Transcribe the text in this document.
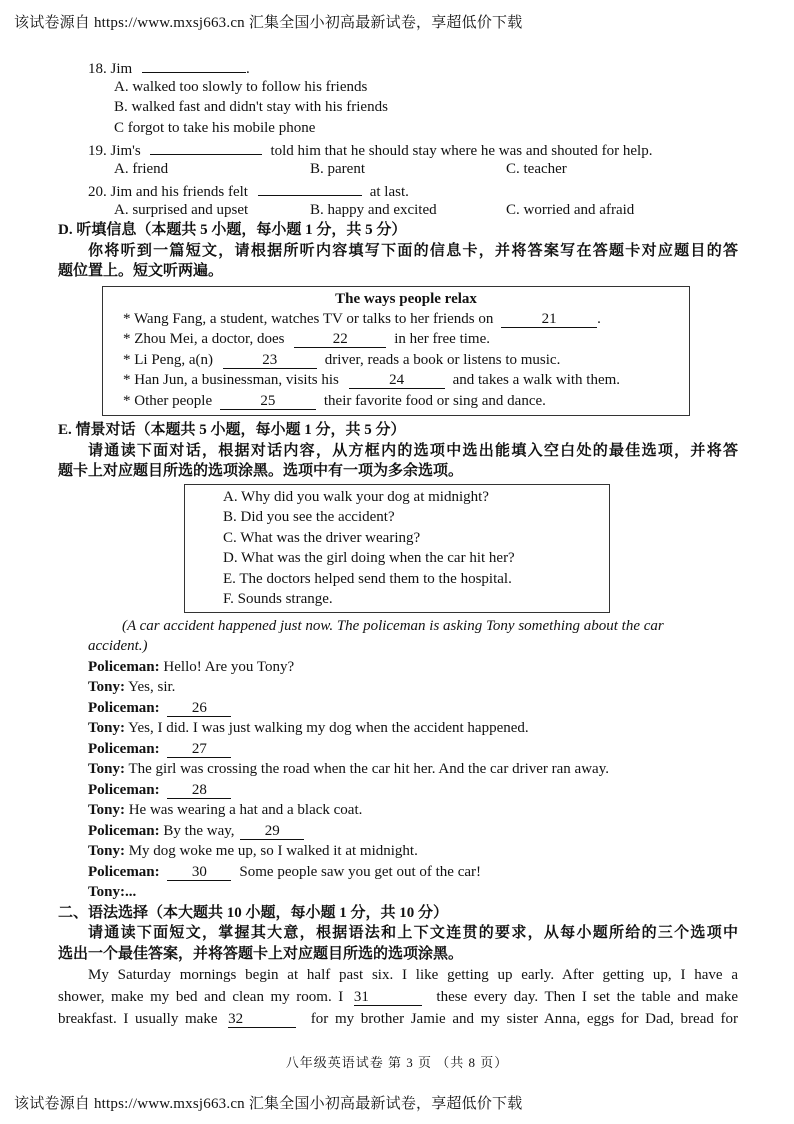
该试卷源自 https://www.mxsj663.cn 汇集全国小初高最新试卷，享超低价下载
18. Jim	.
A. walked too slowly to follow his friends
B. walked fast and didn't stay with his friends
C forgot to take his mobile phone
19. Jim's	told him that he should stay where he was and shouted for help.
A. friend	B. parent	C. teacher
20. Jim and his friends felt	at last.
A. surprised and upset	B. happy and excited	C. worried and afraid
D. 听填信息（本题共 5 小题，每小题 1 分，共 5 分）
你将听到一篇短文，请根据所听内容填写下面的信息卡，并将答案写在答题卡对应题目的答
题位置上。短文听两遍。
The ways people relax
* Wang Fang, a student, watches TV or talks to her friends on	21	.
* Zhou Mei, a doctor, does	22	in her free time.
* Li Peng, a(n)	23	driver, reads a book or listens to music.
* Han Jun, a businessman, visits his	24	and takes a walk with them.
* Other people	25	their favorite food or sing and dance.
E. 情景对话（本题共 5 小题，每小题 1 分，共 5 分）
请通读下面对话，根据对话内容，从方框内的选项中选出能填入空白处的最佳选项，并将答
题卡上对应题目所选的选项涂黑。选项中有一项为多余选项。
A. Why did you walk your dog at midnight?
B. Did you see the accident?
C. What was the driver wearing?
D. What was the girl doing when the car hit her?
E. The doctors helped send them to the hospital.
F. Sounds strange.
(A car accident happened just now. The policeman is asking Tony something about the car
accident.)
Policeman: Hello! Are you Tony?
Tony: Yes, sir.
Policeman: 26
Tony: Yes, I did. I was just walking my dog when the accident happened.
Policeman: 27
Tony: The girl was crossing the road when the car hit her. And the car driver ran away.
Policeman: 28
Tony: He was wearing a hat and a black coat.
Policeman: By the way, 29
Tony: My dog woke me up, so I walked it at midnight.
Policeman: 30 Some people saw you get out of the car!
Tony:...
二、语法选择（本大题共 10 小题，每小题 1 分，共 10 分）
请通读下面短文，掌握其大意，根据语法和上下文连贯的要求，从每小题所给的三个选项中
选出一个最佳答案，并将答题卡上对应题目所选的选项涂黑。
My Saturday mornings begin at half past six. I like getting up early. After getting up, I have a
shower, make my bed and clean my room. I 31	these every day. Then I set the table and make
breakfast. I usually make 32	for my brother Jamie and my sister Anna, eggs for Dad, bread for
八年级英语试卷 第 3 页 （共 8 页）
该试卷源自 https://www.mxsj663.cn 汇集全国小初高最新试卷，享超低价下载
